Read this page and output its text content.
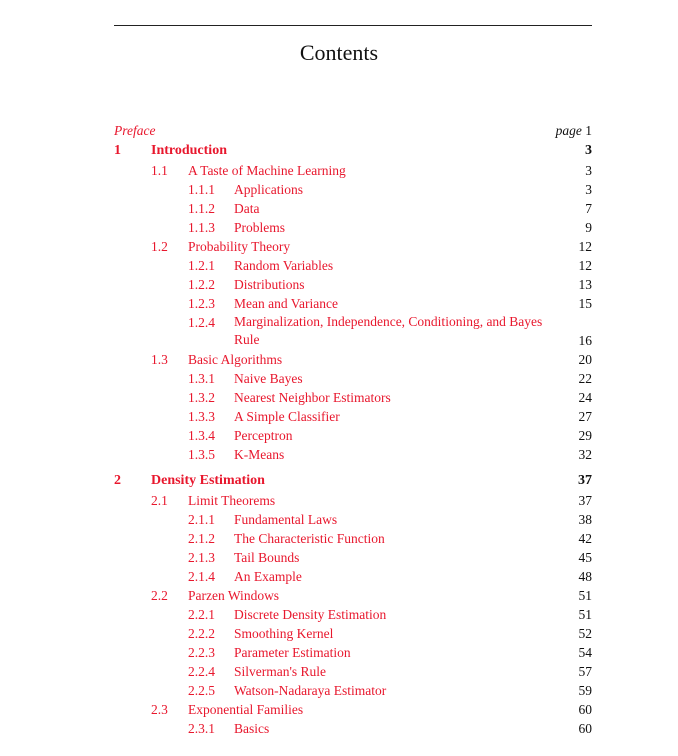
Contents
Preface	page 1
1 Introduction	3
1.1 A Taste of Machine Learning	3
1.1.1 Applications	3
1.1.2 Data	7
1.1.3 Problems	9
1.2 Probability Theory	12
1.2.1 Random Variables	12
1.2.2 Distributions	13
1.2.3 Mean and Variance	15
1.2.4 Marginalization, Independence, Conditioning, and Bayes Rule	16
1.3 Basic Algorithms	20
1.3.1 Naive Bayes	22
1.3.2 Nearest Neighbor Estimators	24
1.3.3 A Simple Classifier	27
1.3.4 Perceptron	29
1.3.5 K-Means	32
2 Density Estimation	37
2.1 Limit Theorems	37
2.1.1 Fundamental Laws	38
2.1.2 The Characteristic Function	42
2.1.3 Tail Bounds	45
2.1.4 An Example	48
2.2 Parzen Windows	51
2.2.1 Discrete Density Estimation	51
2.2.2 Smoothing Kernel	52
2.2.3 Parameter Estimation	54
2.2.4 Silverman's Rule	57
2.2.5 Watson-Nadaraya Estimator	59
2.3 Exponential Families	60
2.3.1 Basics	60
